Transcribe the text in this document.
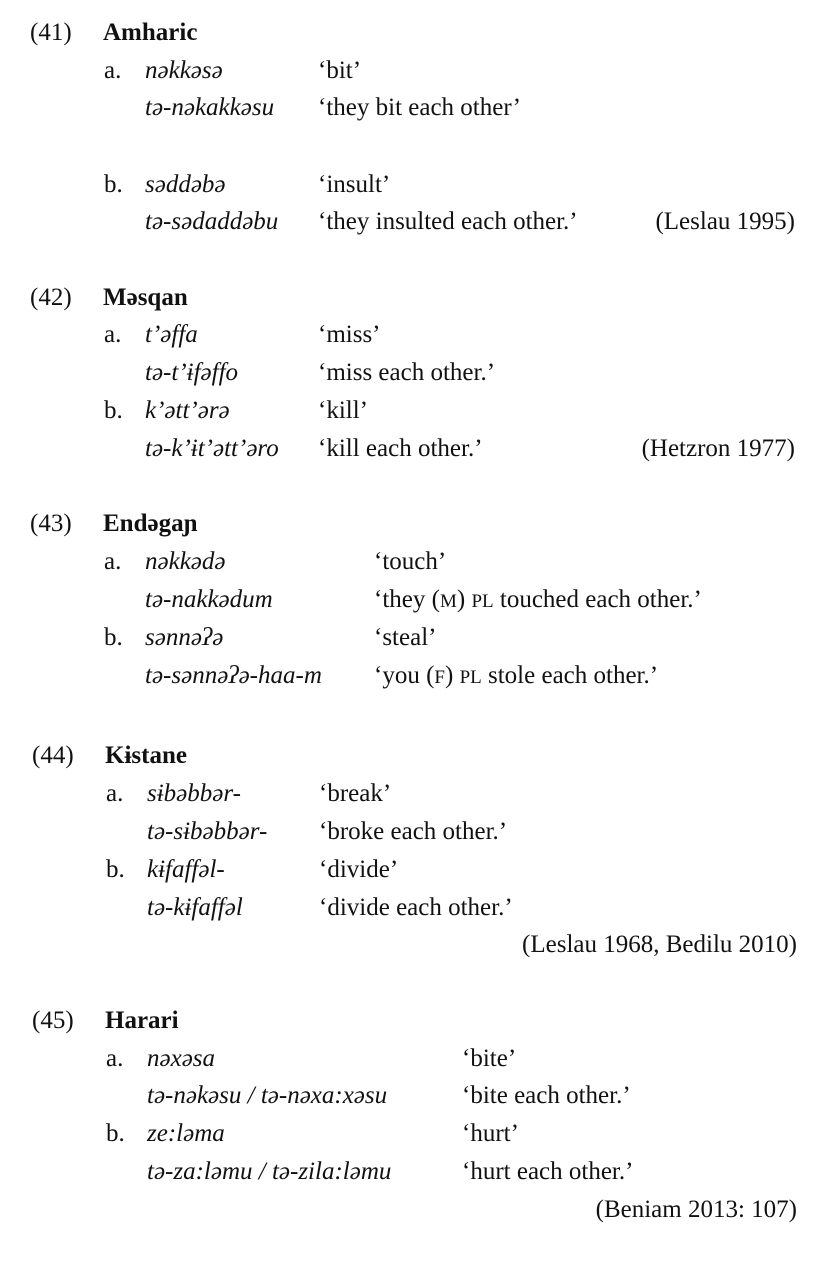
(41) Amharic
a. nəkkəsə	‘bit’
tə-nəkakkəsu ‘they bit each other’
b. səddəbə	‘insult’
tə-sədaddəbu ‘they insulted each other.’	(Leslau 1995)
(42) Məsqan
a. t’əffa	‘miss’
tə-t’ɨfəffo	‘miss each other.’
b. k’ətt’ərə	‘kill’
tə-k’ɨt’ətt’əro ‘kill each other.’	(Hetzron 1977)
(43) Endəgaɲ
a. nəkkədə	‘touch’
tə-nakkədum	‘they (M) PL touched each other.’
b. sənnəʔə	‘steal’
tə-sənnəʔə-haa-m ‘you (F) PL stole each other.’
(44) Kɨstane
a. sɨbəbbər-	‘break’
tə-sɨbəbbər- ‘broke each other.’
b. kɨfaffəl-	‘divide’
tə-kɨfaffəl	‘divide each other.’
(Leslau 1968, Bedilu 2010)
(45) Harari
a. nəxəsa	‘bite’
tə-nəkəsu / tə-nəxa:xəsu	‘bite each other.’
b. ze:ləma	‘hurt’
tə-za:ləmu / tə-zila:ləmu	‘hurt each other.’
(Beniam 2013: 107)
